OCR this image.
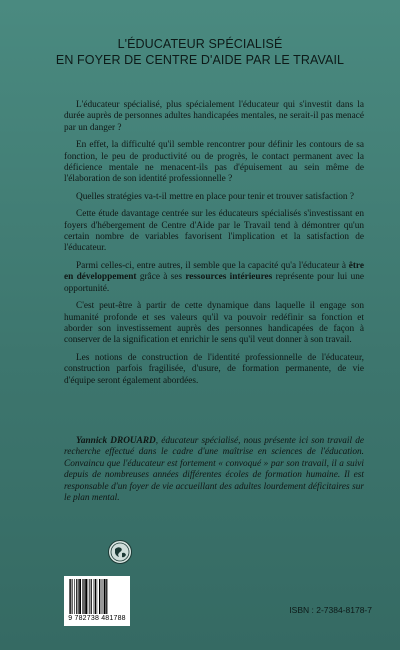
L'ÉDUCATEUR SPÉCIALISÉ
EN FOYER DE CENTRE D'AIDE PAR LE TRAVAIL

L'éducateur spécialisé, plus spécialement l'éducateur qui s'investit dans la durée auprès de personnes adultes handicapées mentales, ne serait-il pas menacé par un danger ?

En effet, la difficulté qu'il semble rencontrer pour définir les contours de sa fonction, le peu de productivité ou de progrès, le contact permanent avec la déficience mentale ne menacent-ils pas d'épuisement au sein même de l'élaboration de son identité professionnelle ?

Quelles stratégies va-t-il mettre en place pour tenir et trouver satisfaction ?

Cette étude davantage centrée sur les éducateurs spécialisés s'investissant en foyers d'hébergement de Centre d'Aide par le Travail tend à démontrer qu'un certain nombre de variables favorisent l'implication et la satisfaction de l'éducateur.

Parmi celles-ci, entre autres, il semble que la capacité qu'a l'éducateur à être en développement grâce à ses ressources intérieures représente pour lui une opportunité.

C'est peut-être à partir de cette dynamique dans laquelle il engage son humanité profonde et ses valeurs qu'il va pouvoir redéfinir sa fonction et aborder son investissement auprès des personnes handicapées de façon à conserver de la signification et enrichir le sens qu'il veut donner à son travail.

Les notions de construction de l'identité professionnelle de l'éducateur, construction parfois fragilisée, d'usure, de formation permanente, de vie d'équipe seront également abordées.

Yannick DROUARD, éducateur spécialisé, nous présente ici son travail de recherche effectué dans le cadre d'une maîtrise en sciences de l'éducation. Convaincu que l'éducateur est fortement « convoqué » par son travail, il a suivi depuis de nombreuses années différentes écoles de formation humaine. Il est responsable d'un foyer de vie accueillant des adultes lourdement déficitaires sur le plan mental.

9 782738 481788
ISBN : 2-7384-8178-7
